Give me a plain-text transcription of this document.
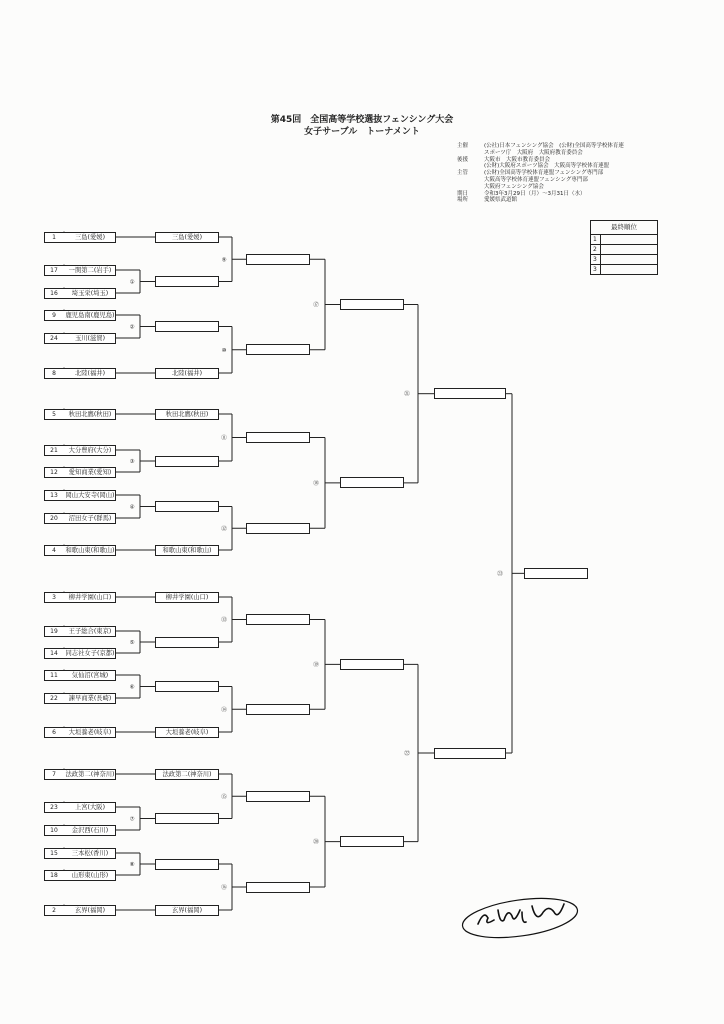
第45回　全国高等学校選抜フェンシング大会
女子サーブル　トーナメント
主催	(公社)日本フェンシング協会　(公財)全国高等学校体育連
スポーツ庁　大阪府　大阪府教育委員会
後援	大阪市　大阪市教育委員会
(公財)大阪府スポーツ協会　大阪高等学校体育連盟
主管	(公財)全国高等学校体育連盟フェンシング専門部
大阪高等学校体育連盟フェンシング専門部
大阪府フェンシング協会
期日	令和3年3月29日（月）～3月31日（水）
場所	愛媛県武道館
最終順位
1
2
3
3
①
②
③
④
⑤
⑥
⑦
⑧
⑨
⑩
⑪
⑫
⑬
⑭
⑮
⑯
⑰
⑱
⑲
⑳
㉑
㉒
㉓
1	三島(愛媛)
17	一関第二(岩手)
16	埼玉栄(埼玉)
9	鹿児島南(鹿児島)
24	玉川(滋賀)
8	北陸(福井)
5	秋田北鷹(秋田)
21	大分豊府(大分)
12	愛知商業(愛知)
13	岡山大安寺(岡山)
20	沼田女子(群馬)
4	和歌山東(和歌山)
3	柳井学園(山口)
19	王子総合(東京)
14	同志社女子(京都)
11	気仙沼(宮城)
22	諫早商業(長崎)
6	大垣養老(岐阜)
7	法政第二(神奈川)
23	上宮(大阪)
10	金沢西(石川)
15	三本松(香川)
18	山形東(山形)
2	玄界(福岡)
三島(愛媛)
北陸(福井)
秋田北鷹(秋田)
和歌山東(和歌山)
柳井学園(山口)
大垣養老(岐阜)
法政第二(神奈川)
玄界(福岡)
